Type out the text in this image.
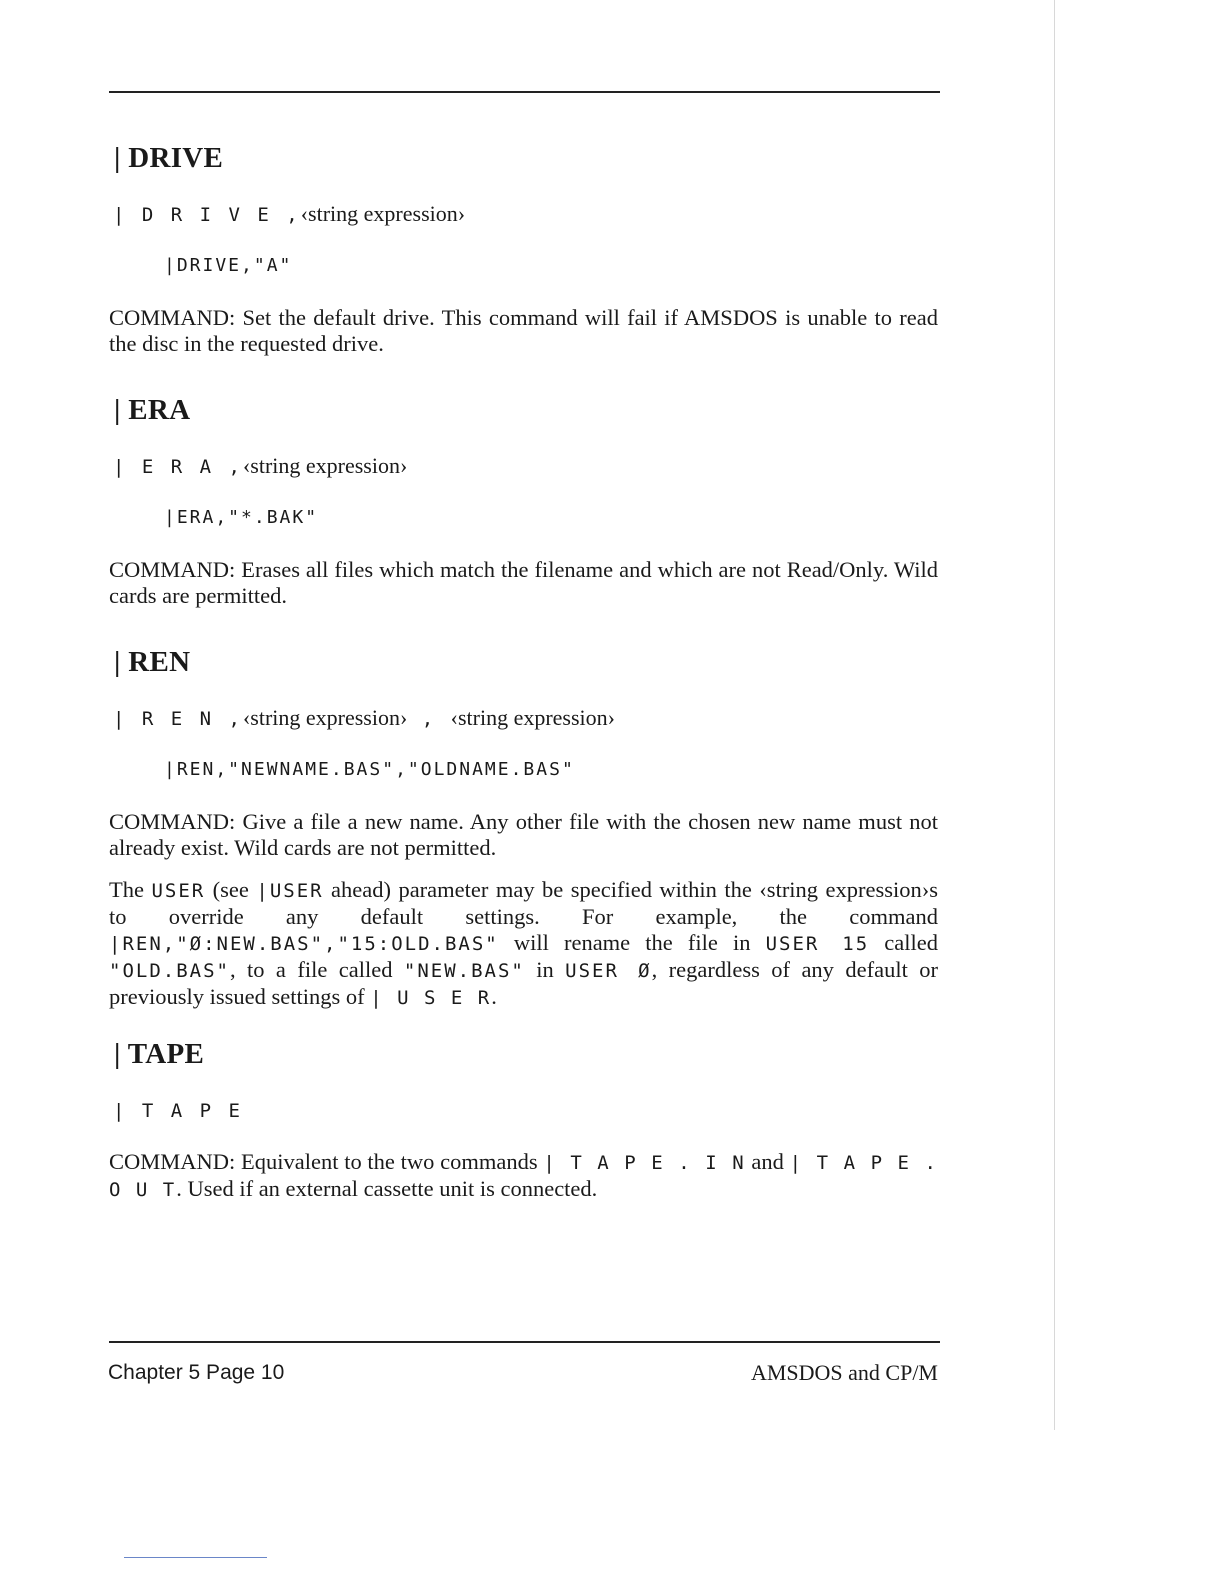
| DRIVE
| D R I V E ,‹string expression›
|DRIVE,"A"

COMMAND: Set the default drive. This command will fail if AMSDOS is unable to read the disc in the requested drive.

| ERA
| E R A ,‹string expression›
|ERA,"*.BAK"

COMMAND: Erases all files which match the filename and which are not Read/Only. Wild cards are permitted.

| REN
| R E N ,‹string expression› , ‹string expression›
|REN,"NEWNAME.BAS","OLDNAME.BAS"

COMMAND: Give a file a new name. Any other file with the chosen new name must not already exist. Wild cards are not permitted.

The USER (see |USER ahead) parameter may be specified within the ‹string expression›s to override any default settings. For example, the command |REN,"Ø:NEW.BAS","15:OLD.BAS" will rename the file in USER 15 called "OLD.BAS", to a file called "NEW.BAS" in USER Ø, regardless of any default or previously issued settings of | U S E R.

| TAPE
| T A P E

COMMAND: Equivalent to the two commands | T A P E . I N and | T A P E . O U T. Used if an external cassette unit is connected.

Chapter 5 Page 10	AMSDOS and CP/M
